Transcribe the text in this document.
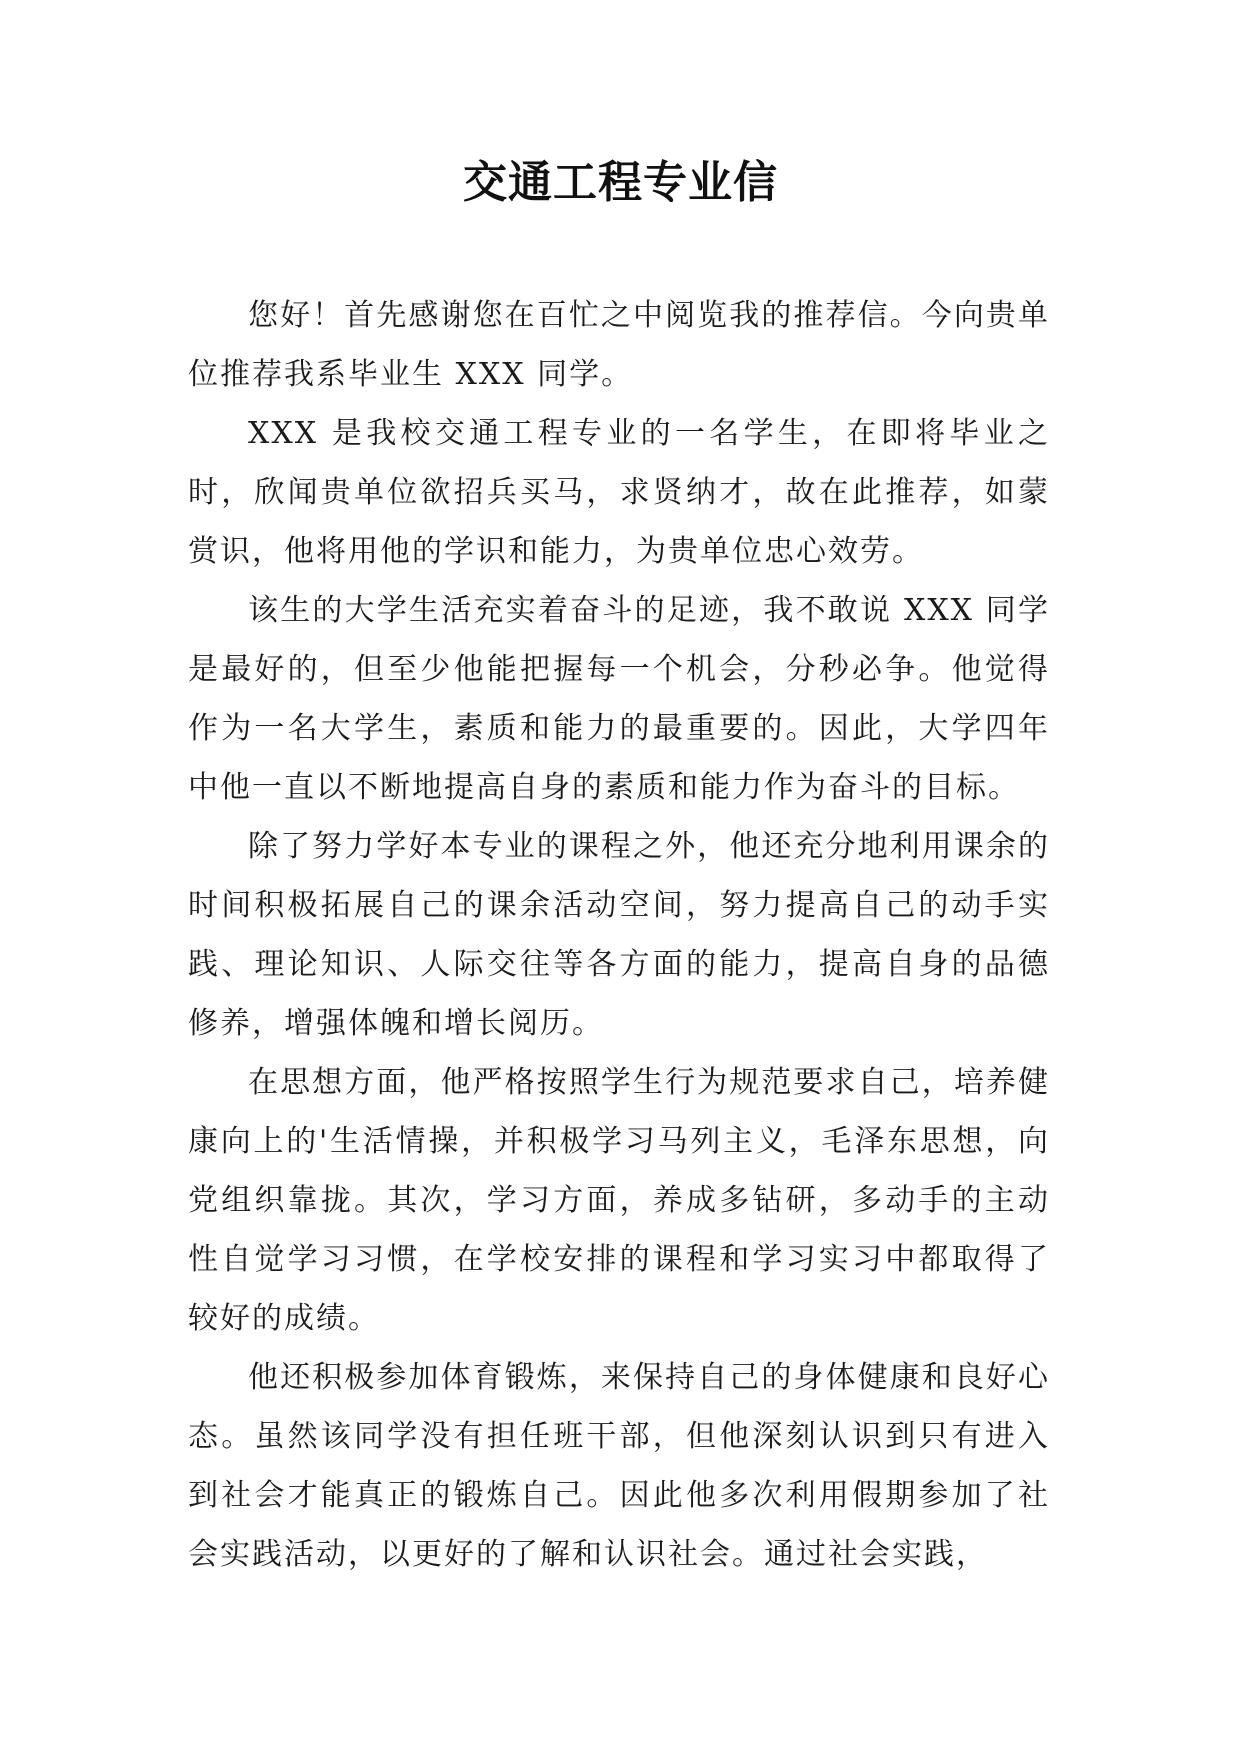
交通工程专业信

您好！首先感谢您在百忙之中阅览我的推荐信。今向贵单位推荐我系毕业生 XXX 同学。

XXX 是我校交通工程专业的一名学生，在即将毕业之时，欣闻贵单位欲招兵买马，求贤纳才，故在此推荐，如蒙赏识，他将用他的学识和能力，为贵单位忠心效劳。

该生的大学生活充实着奋斗的足迹，我不敢说 XXX 同学是最好的，但至少他能把握每一个机会，分秒必争。他觉得作为一名大学生，素质和能力的最重要的。因此，大学四年中他一直以不断地提高自身的素质和能力作为奋斗的目标。

除了努力学好本专业的课程之外，他还充分地利用课余的时间积极拓展自己的课余活动空间，努力提高自己的动手实践、理论知识、人际交往等各方面的能力，提高自身的品德修养，增强体魄和增长阅历。

在思想方面，他严格按照学生行为规范要求自己，培养健康向上的'生活情操，并积极学习马列主义，毛泽东思想，向党组织靠拢。其次，学习方面，养成多钻研，多动手的主动性自觉学习习惯，在学校安排的课程和学习实习中都取得了较好的成绩。

他还积极参加体育锻炼，来保持自己的身体健康和良好心态。虽然该同学没有担任班干部，但他深刻认识到只有进入到社会才能真正的锻炼自己。因此他多次利用假期参加了社会实践活动，以更好的了解和认识社会。通过社会实践，
